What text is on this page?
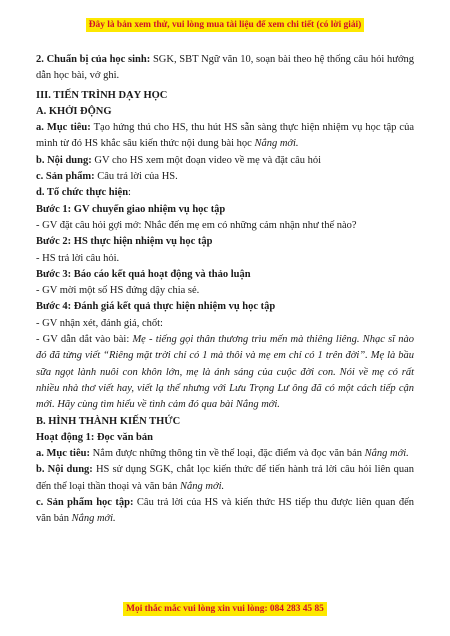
Đây là bản xem thử, vui lòng mua tài liệu để xem chi tiết (có lời giải)
2. Chuẩn bị của học sinh: SGK, SBT Ngữ văn 10, soạn bài theo hệ thống câu hỏi hướng dẫn học bài, vở ghi.
III. TIẾN TRÌNH DẠY HỌC
A. KHỞI ĐỘNG
a. Mục tiêu: Tạo hứng thú cho HS, thu hút HS sẵn sàng thực hiện nhiệm vụ học tập của mình từ đó HS khắc sâu kiến thức nội dung bài học Nắng mới.
b. Nội dung: GV cho HS xem một đoạn video về mẹ và đặt câu hỏi
c. Sản phẩm: Câu trả lời của HS.
d. Tổ chức thực hiện:
Bước 1: GV chuyển giao nhiệm vụ học tập
- GV đặt câu hỏi gợi mở: Nhắc đến mẹ em có những cảm nhận như thế nào?
Bước 2: HS thực hiện nhiệm vụ học tập
- HS trả lời câu hỏi.
Bước 3: Báo cáo kết quả hoạt động và thảo luận
- GV mời một số HS đứng dậy chia sẻ.
Bước 4: Đánh giá kết quả thực hiện nhiệm vụ học tập
- GV nhận xét, đánh giá, chốt:
- GV dẫn dắt vào bài: Mẹ - tiếng gọi thân thương trìu mến mà thiêng liêng. Nhạc sĩ nào đó đã từng viết “Riêng mặt trời chỉ có 1 mà thôi và mẹ em chỉ có 1 trên đời”. Mẹ là bầu sữa ngọt lành nuôi con khôn lớn, mẹ là ánh sáng của cuộc đời con. Nói về mẹ có rất nhiều nhà thơ viết hay, viết lạ thể nhưng với Lưu Trọng Lư ông đã có một cách tiếp cận mới. Hãy cùng tìm hiểu về tình cảm đó qua bài Nắng mới.
B. HÌNH THÀNH KIẾN THỨC
Hoạt động 1: Đọc văn bản
a. Mục tiêu: Nắm được những thông tin về thể loại, đặc điểm và đọc văn bản Nắng mới.
b. Nội dung: HS sử dụng SGK, chắt lọc kiến thức để tiến hành trả lời câu hỏi liên quan đến thể loại thần thoại và văn bản Nắng mới.
c. Sản phẩm học tập: Câu trả lời của HS và kiến thức HS tiếp thu được liên quan đến văn bản Nắng mới.
Mọi thắc mắc vui lòng xin vui lòng: 084 283 45 85
